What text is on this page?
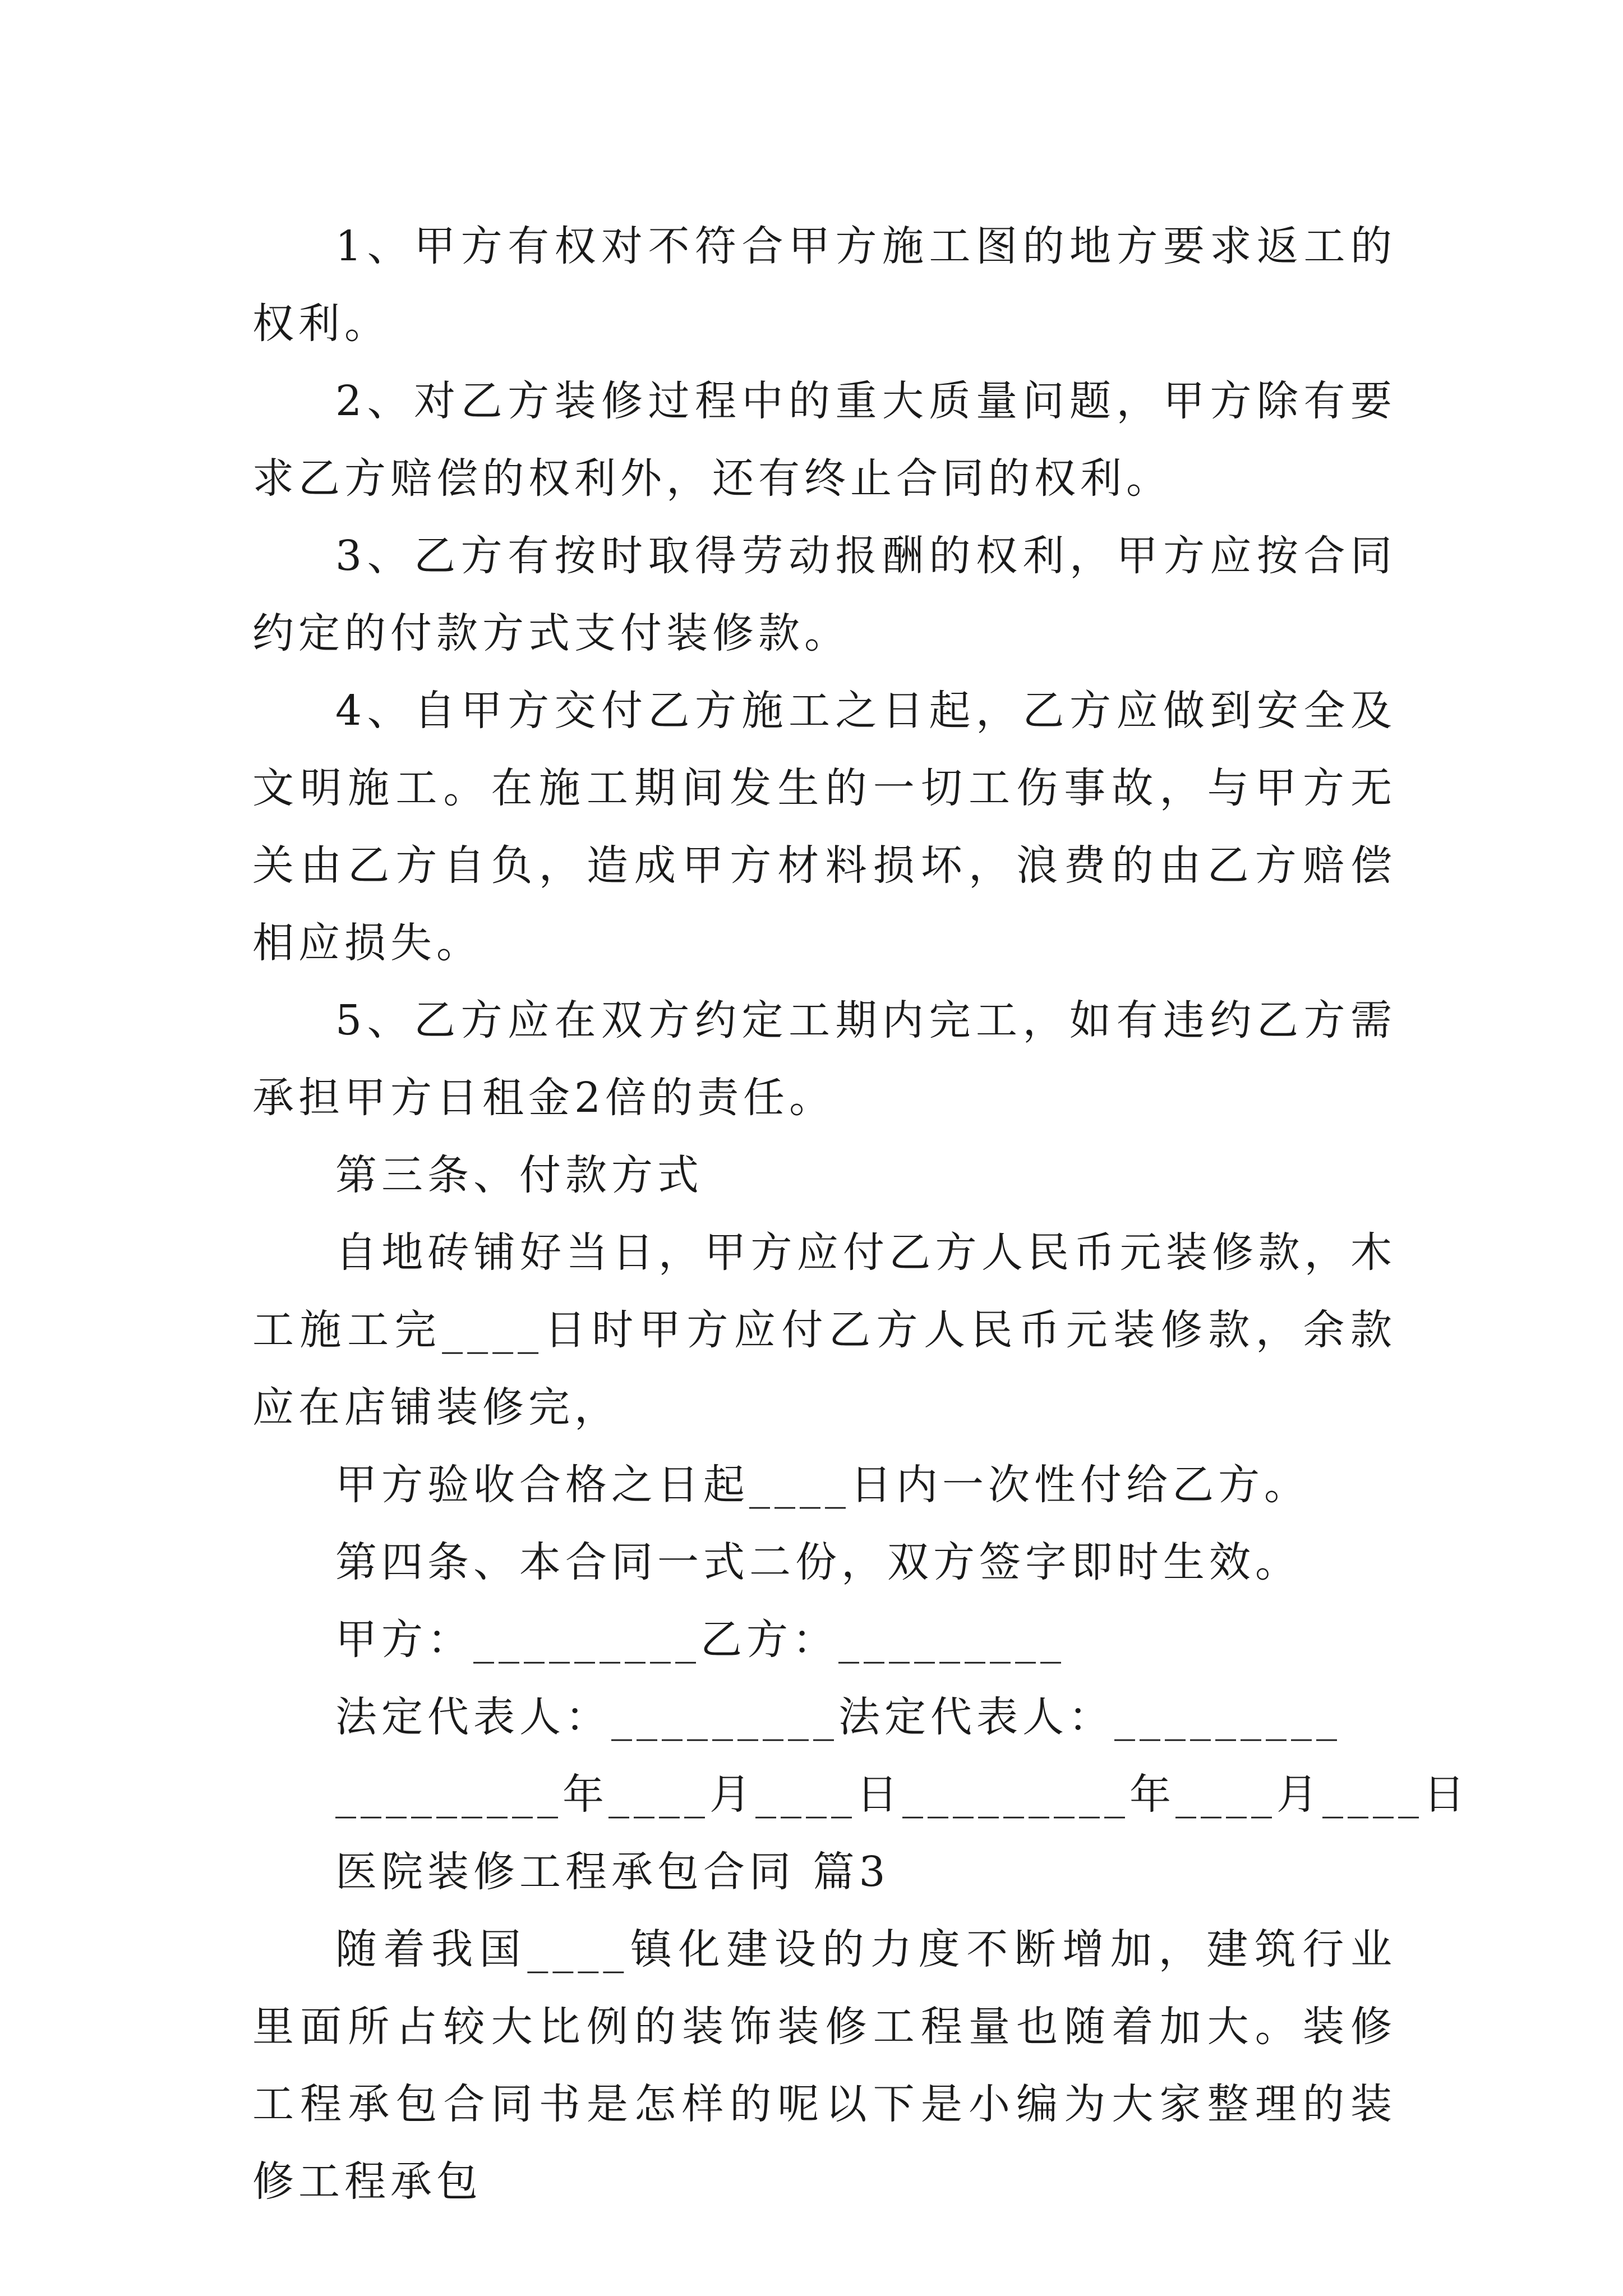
1、甲方有权对不符合甲方施工图的地方要求返工的权利。

2、对乙方装修过程中的重大质量问题，甲方除有要求乙方赔偿的权利外，还有终止合同的权利。

3、乙方有按时取得劳动报酬的权利，甲方应按合同约定的付款方式支付装修款。

4、自甲方交付乙方施工之日起，乙方应做到安全及文明施工。在施工期间发生的一切工伤事故，与甲方无关由乙方自负，造成甲方材料损坏，浪费的由乙方赔偿相应损失。

5、乙方应在双方约定工期内完工，如有违约乙方需承担甲方日租金2倍的责任。

第三条、付款方式

自地砖铺好当日，甲方应付乙方人民币元装修款，木工施工完____日时甲方应付乙方人民币元装修款，余款应在店铺装修完，

甲方验收合格之日起____日内一次性付给乙方。

第四条、本合同一式二份，双方签字即时生效。

甲方：_________乙方：_________

法定代表人：_________法定代表人：_________

_________年____月____日_________年____月____日

医院装修工程承包合同 篇3

随着我国____镇化建设的力度不断增加，建筑行业里面所占较大比例的装饰装修工程量也随着加大。装修工程承包合同书是怎样的呢以下是小编为大家整理的装修工程承包
